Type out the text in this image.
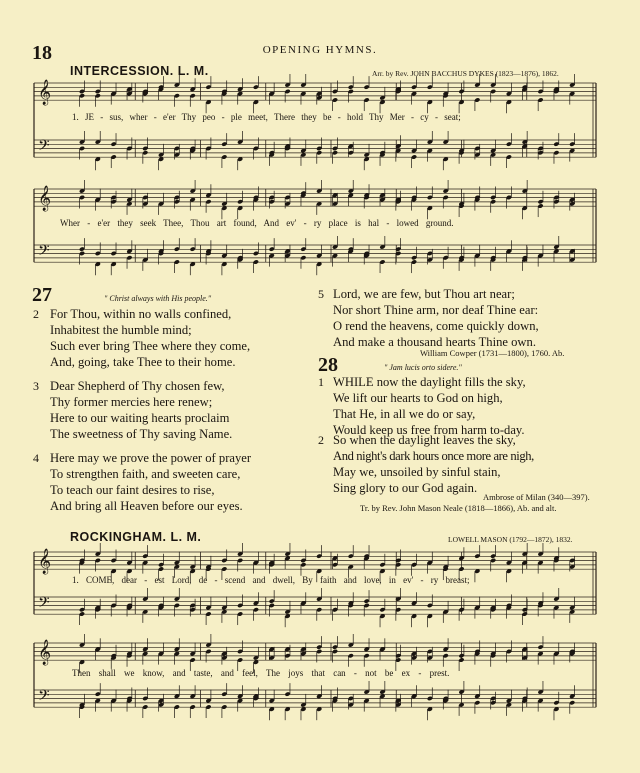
18	OPENING HYMNS.
𝄞
𝄢
𝄞
𝄢
𝄞
𝄢
𝄞
𝄢
INTERCESSION. L. M.	Arr. by Rev. JOHN BACCHUS DYKES (1823—1876), 1862.
1. JE - sus, wher - e'er Thy peo - ple meet, There they be - hold Thy Mer - cy - seat;
Wher - e'er they seek Thee, Thou art found, And ev' - ry place is hal - lowed ground.
27	" Christ always with His people."
2 For Thou, within no walls confined,
Inhabitest the humble mind;
Such ever bring Thee where they come,
And, going, take Thee to their home.
3 Dear Shepherd of Thy chosen few,
Thy former mercies here renew;
Here to our waiting hearts proclaim
The sweetness of Thy saving Name.
4 Here may we prove the power of prayer
To strengthen faith, and sweeten care,
To teach our faint desires to rise,
And bring all Heaven before our eyes.
5 Lord, we are few, but Thou art near;
Nor short Thine arm, nor deaf Thine ear:
O rend the heavens, come quickly down,
And make a thousand hearts Thine own.
William Cowper (1731—1800), 1760. Ab.
28	" Jam lucis orto sidere."
1 WHILE now the daylight fills the sky,
We lift our hearts to God on high,
That He, in all we do or say,
Would keep us free from harm to-day.
2 So when the daylight leaves the sky,
And night's dark hours once more are nigh,
May we, unsoiled by sinful stain,
Sing glory to our God again.
Ambrose of Milan (340—397).
Tr. by Rev. John Mason Neale (1818—1866), Ab. and alt.
ROCKINGHAM. L. M.	LOWELL MASON (1792—1872), 1832.
1. COME, dear - est Lord, de - scend and dwell, By faith and love, in ev' - ry breast;
Then shall we know, and taste, and feel, The joys that can - not be ex - prest.
